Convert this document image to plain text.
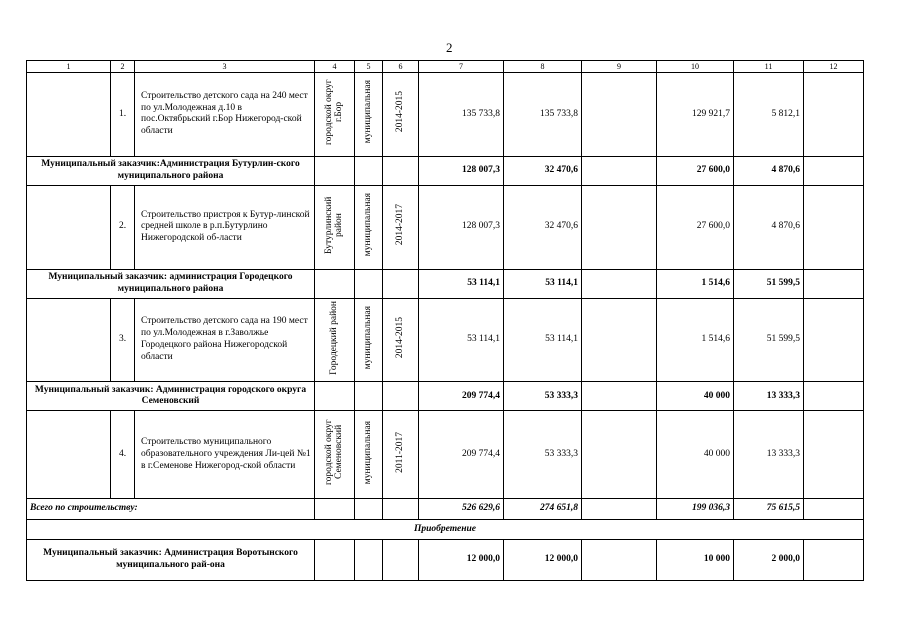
2
1	2	3	4	5	6	7	8	9	10	11	12
	1.	Строительство детского сада на 240 мест по ул.Молодежная д.10 в пос.Октябрьский г.Бор Нижегород-ской области	городской округ г.Бор	муниципальная	2014-2015	135 733,8	135 733,8		129 921,7	5 812,1	
Муниципальный заказчик:Администрация Бутурлин-ского муниципального района						128 007,3	32 470,6		27 600,0	4 870,6	
	2.	Строительство пристроя к Бутур-линской средней школе в р.п.Бутурлино Нижегородской об-ласти	Бутурлинский район	муниципальная	2014-2017	128 007,3	32 470,6		27 600,0	4 870,6	
Муниципальный заказчик: администрация Городецкого муниципального района						53 114,1	53 114,1		1 514,6	51 599,5	
	3.	Строительство детского сада на 190 мест по ул.Молодежная в г.Заволжье Городецкого района Нижегородской области	Городецкий район	муниципальная	2014-2015	53 114,1	53 114,1		1 514,6	51 599,5	
Муниципальный заказчик: Администрация городского округа Семеновский						209 774,4	53 333,3		40 000	13 333,3	
	4.	Строительство муниципального образовательного учреждения Ли-цей №1 в г.Семенове Нижегород-ской области	городской округ Семеновский	муниципальная	2011-2017	209 774,4	53 333,3		40 000	13 333,3	
Всего по строительству:						526 629,6	274 651,8		199 036,3	75 615,5	
Приобретение											
Муниципальный заказчик: Администрация Воротынского муниципального рай-она						12 000,0	12 000,0		10 000	2 000,0	
